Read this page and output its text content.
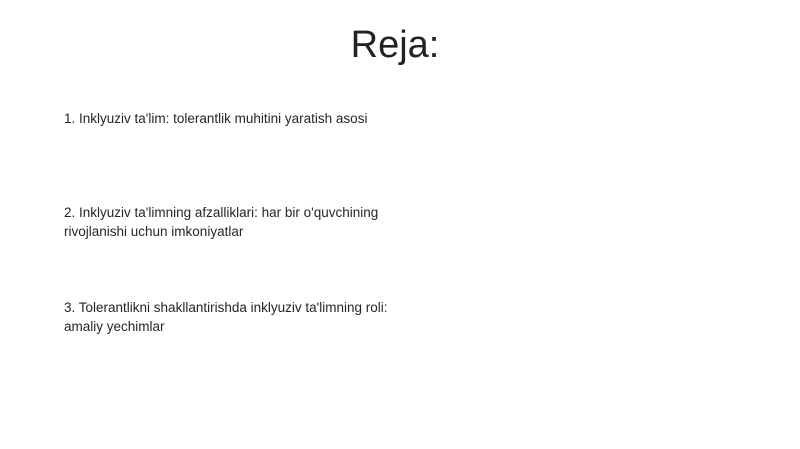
Reja:
1. Inklyuziv ta'lim: tolerantlik muhitini yaratish asosi
2. Inklyuziv ta'limning afzalliklari: har bir o'quvchining rivojlanishi uchun imkoniyatlar
3. Tolerantlikni shakllantirishda inklyuziv ta'limning roli: amaliy yechimlar
